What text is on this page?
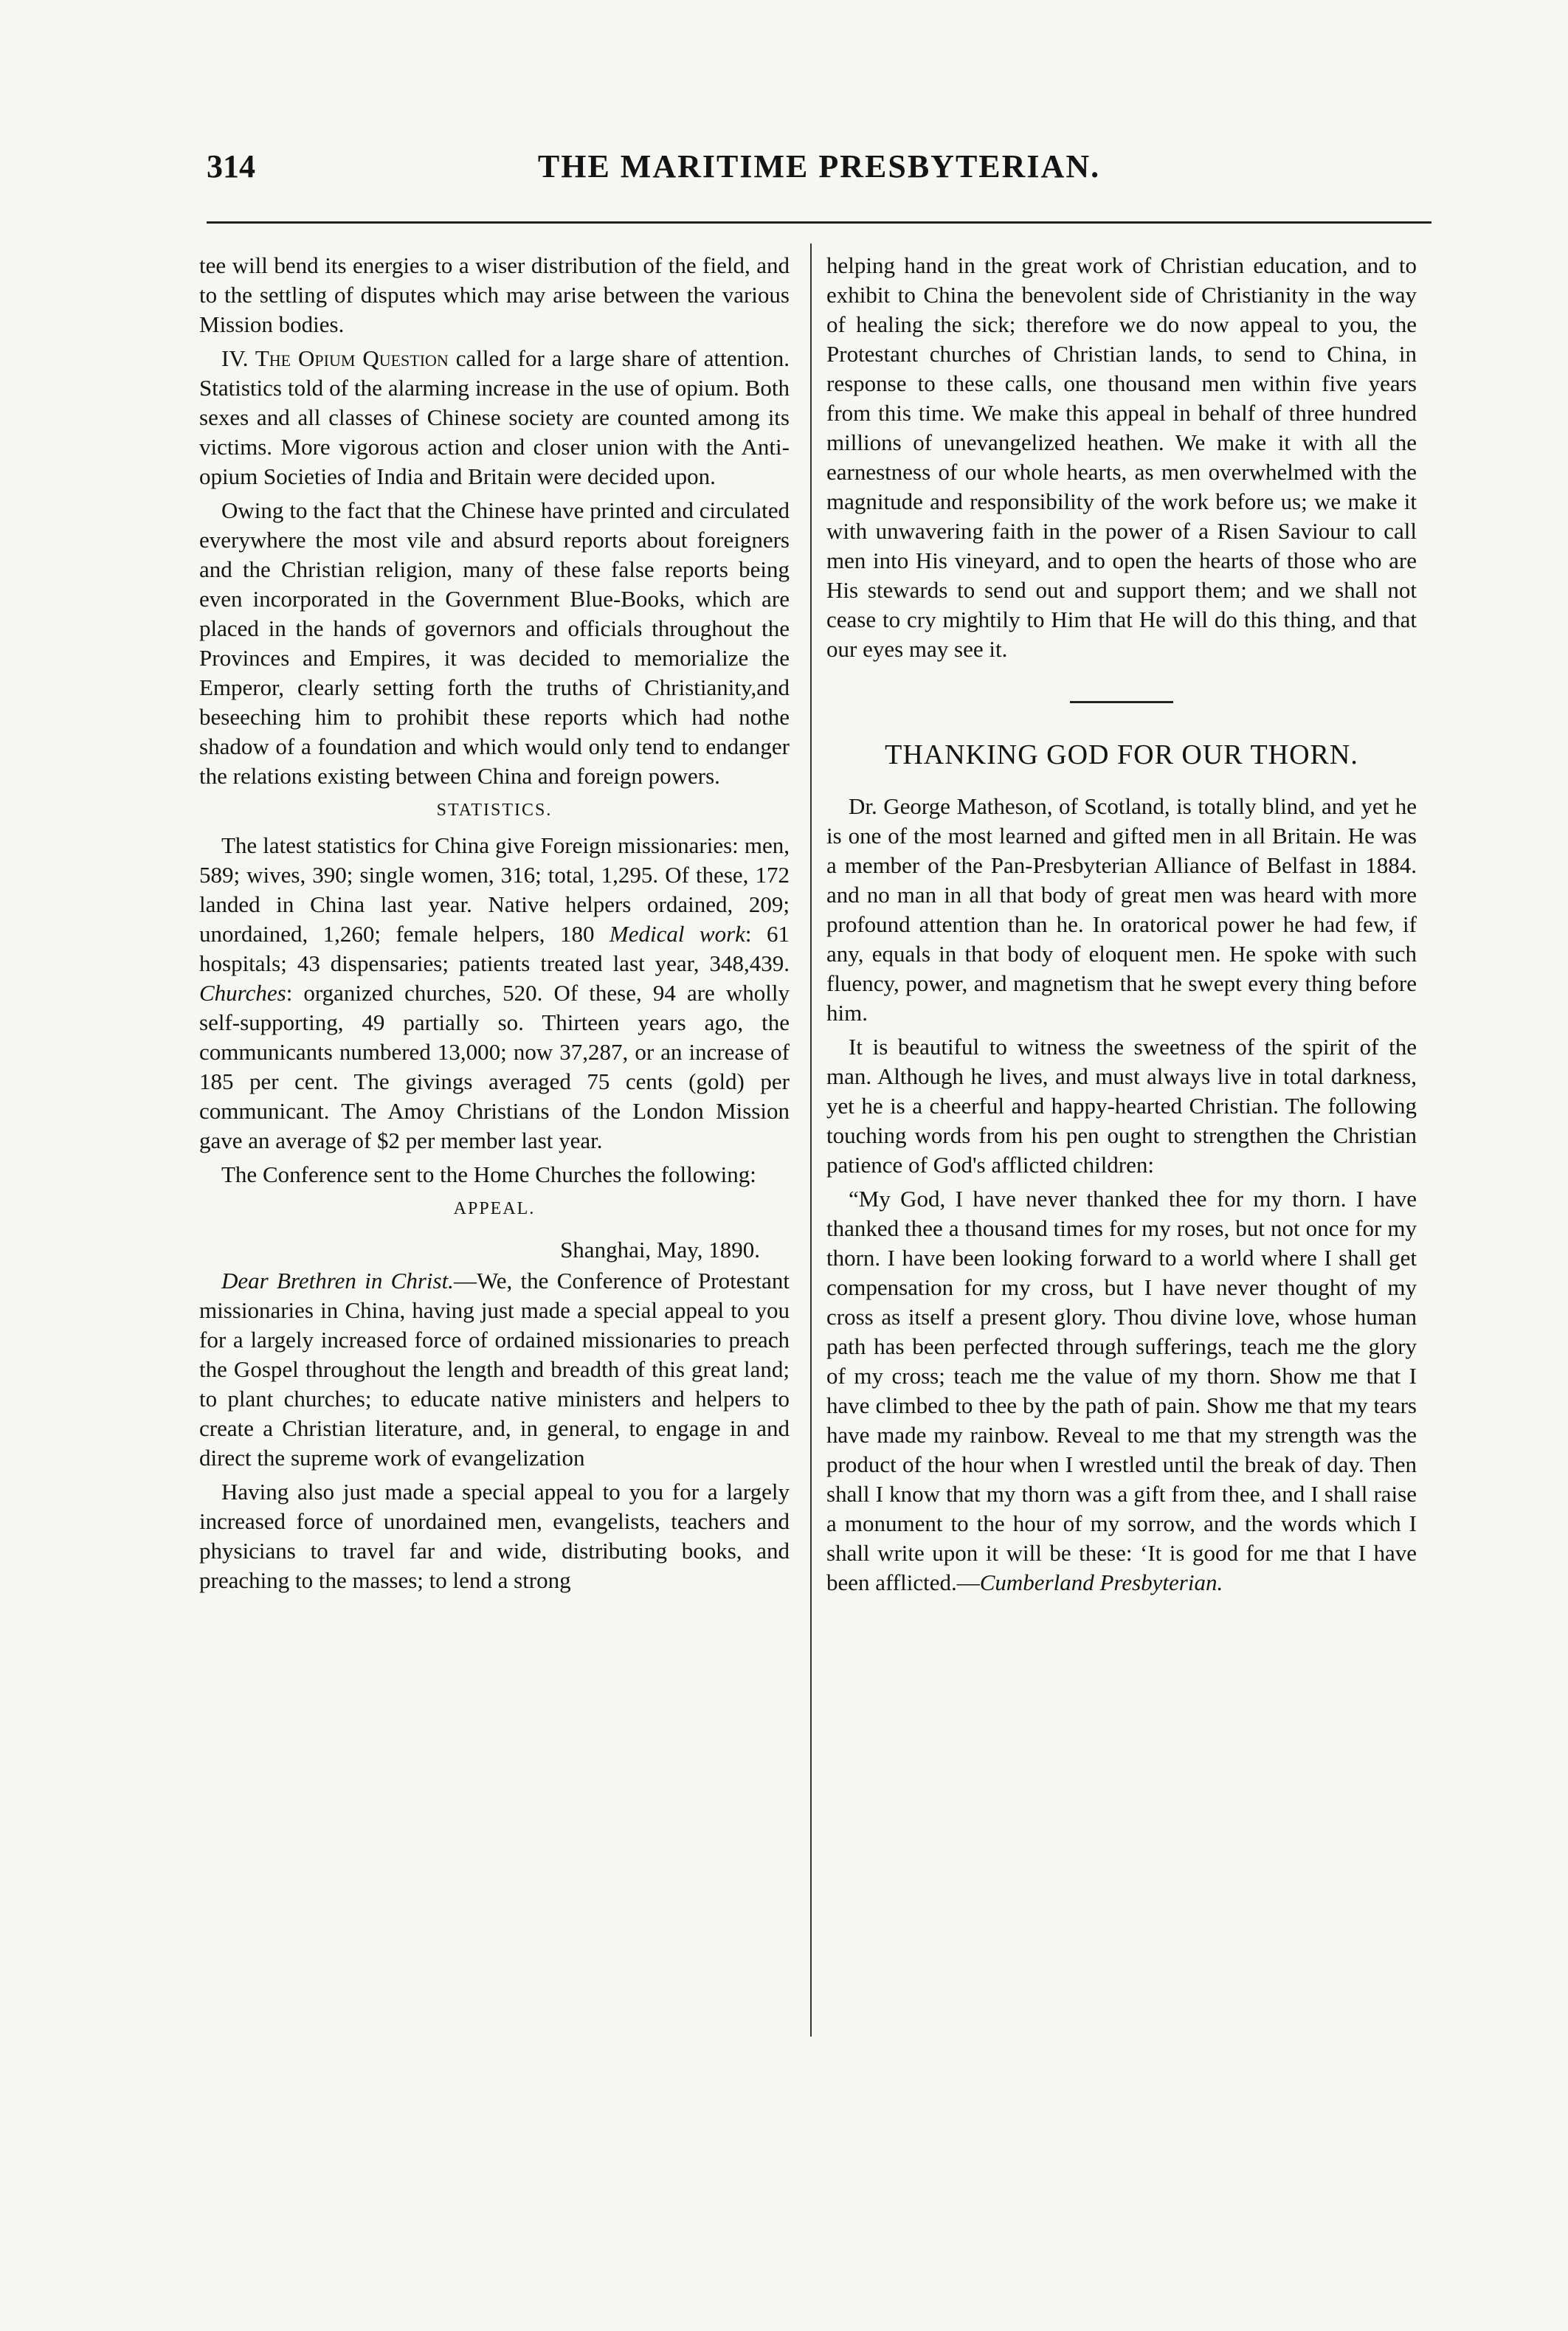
314	THE MARITIME PRESBYTERIAN.

tee will bend its energies to a wiser distribution of the field, and to the settling of disputes which may arise between the various Mission bodies.

IV. The Opium Question called for a large share of attention. Statistics told of the alarming increase in the use of opium. Both sexes and all classes of Chinese society are counted among its victims. More vigorous action and closer union with the Anti-opium Societies of India and Britain were decided upon.

Owing to the fact that the Chinese have printed and circulated everywhere the most vile and absurd reports about foreigners and the Christian religion, many of these false reports being even incorporated in the Government Blue-Books, which are placed in the hands of governors and officials throughout the Provinces and Empires, it was decided to memorialize the Emperor, clearly setting forth the truths of Christianity,and beseeching him to prohibit these reports which had nothe shadow of a foundation and which would only tend to endanger the relations existing between China and foreign powers.

STATISTICS.

The latest statistics for China give Foreign missionaries: men, 589; wives, 390; single women, 316; total, 1,295. Of these, 172 landed in China last year. Native helpers ordained, 209; unordained, 1,260; female helpers, 180 Medical work: 61 hospitals; 43 dispensaries; patients treated last year, 348,439. Churches: organized churches, 520. Of these, 94 are wholly self-supporting, 49 partially so. Thirteen years ago, the communicants numbered 13,000; now 37,287, or an increase of 185 per cent. The givings averaged 75 cents (gold) per communicant. The Amoy Christians of the London Mission gave an average of $2 per member last year.

The Conference sent to the Home Churches the following:

APPEAL.
Shanghai, May, 1890.

Dear Brethren in Christ.—We, the Conference of Protestant missionaries in China, having just made a special appeal to you for a largely increased force of ordained missionaries to preach the Gospel throughout the length and breadth of this great land; to plant churches; to educate native ministers and helpers to create a Christian literature, and, in general, to engage in and direct the supreme work of evangelization

Having also just made a special appeal to you for a largely increased force of unordained men, evangelists, teachers and physicians to travel far and wide, distributing books, and preaching to the masses; to lend a strong

helping hand in the great work of Christian education, and to exhibit to China the benevolent side of Christianity in the way of healing the sick; therefore we do now appeal to you, the Protestant churches of Christian lands, to send to China, in response to these calls, one thousand men within five years from this time. We make this appeal in behalf of three hundred millions of unevangelized heathen. We make it with all the earnestness of our whole hearts, as men overwhelmed with the magnitude and responsibility of the work before us; we make it with unwavering faith in the power of a Risen Saviour to call men into His vineyard, and to open the hearts of those who are His stewards to send out and support them; and we shall not cease to cry mightily to Him that He will do this thing, and that our eyes may see it.

THANKING GOD FOR OUR THORN.

Dr. George Matheson, of Scotland, is totally blind, and yet he is one of the most learned and gifted men in all Britain. He was a member of the Pan-Presbyterian Alliance of Belfast in 1884. and no man in all that body of great men was heard with more profound attention than he. In oratorical power he had few, if any, equals in that body of eloquent men. He spoke with such fluency, power, and magnetism that he swept every thing before him.

It is beautiful to witness the sweetness of the spirit of the man. Although he lives, and must always live in total darkness, yet he is a cheerful and happy-hearted Christian. The following touching words from his pen ought to strengthen the Christian patience of God's afflicted children:

“My God, I have never thanked thee for my thorn. I have thanked thee a thousand times for my roses, but not once for my thorn. I have been looking forward to a world where I shall get compensation for my cross, but I have never thought of my cross as itself a present glory. Thou divine love, whose human path has been perfected through sufferings, teach me the glory of my cross; teach me the value of my thorn. Show me that I have climbed to thee by the path of pain. Show me that my tears have made my rainbow. Reveal to me that my strength was the product of the hour when I wrestled until the break of day. Then shall I know that my thorn was a gift from thee, and I shall raise a monument to the hour of my sorrow, and the words which I shall write upon it will be these: ‘It is good for me that I have been afflicted.—Cumberland Presbyterian.
